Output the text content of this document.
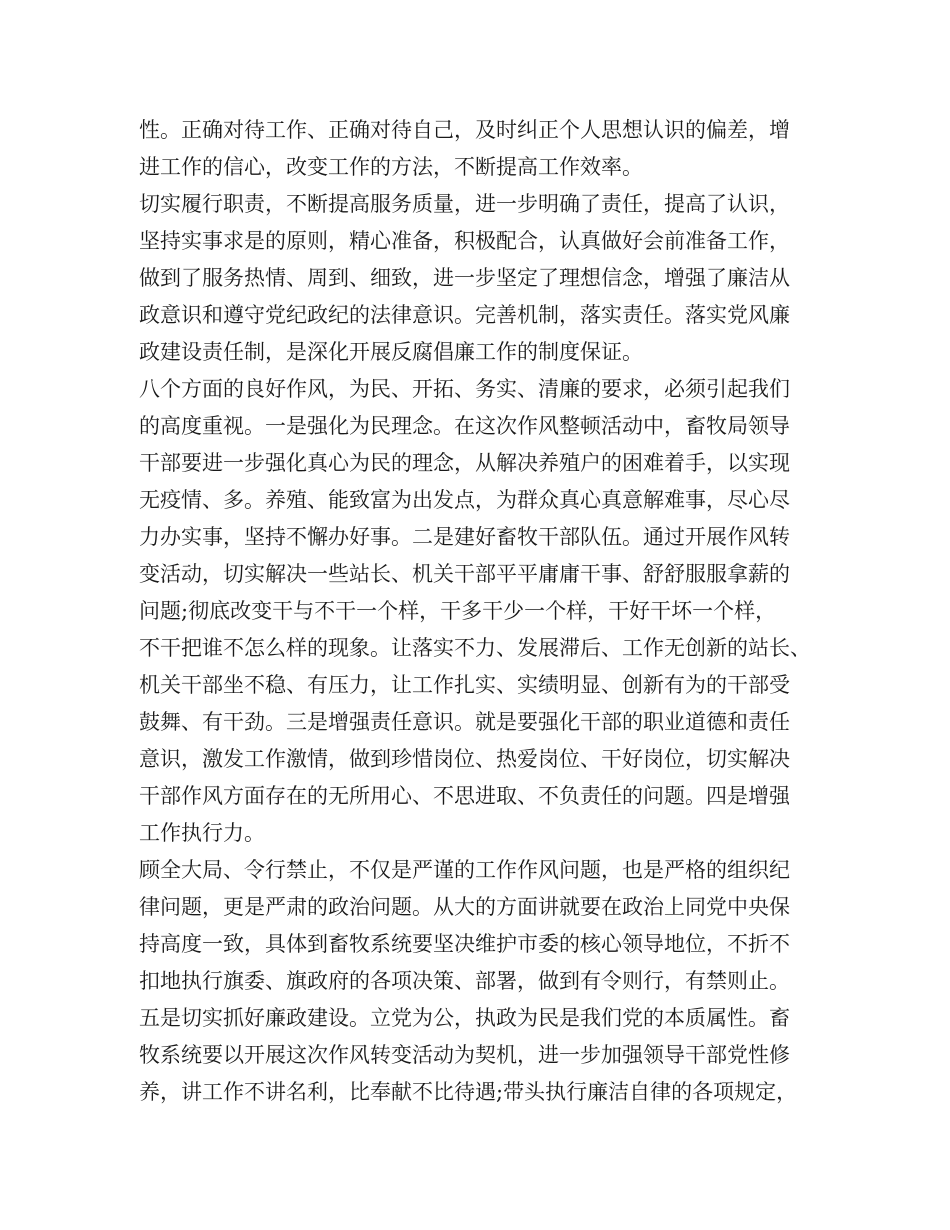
性。正确对待工作、正确对待自己，及时纠正个人思想认识的偏差，增
进工作的信心，改变工作的方法，不断提高工作效率。
切实履行职责，不断提高服务质量，进一步明确了责任，提高了认识，
坚持实事求是的原则，精心准备，积极配合，认真做好会前准备工作，
做到了服务热情、周到、细致，进一步坚定了理想信念，增强了廉洁从
政意识和遵守党纪政纪的法律意识。完善机制，落实责任。落实党风廉
政建设责任制，是深化开展反腐倡廉工作的制度保证。
八个方面的良好作风，为民、开拓、务实、清廉的要求，必须引起我们
的高度重视。一是强化为民理念。在这次作风整顿活动中，畜牧局领导
干部要进一步强化真心为民的理念，从解决养殖户的困难着手，以实现
无疫情、多。养殖、能致富为出发点，为群众真心真意解难事，尽心尽
力办实事，坚持不懈办好事。二是建好畜牧干部队伍。通过开展作风转
变活动，切实解决一些站长、机关干部平平庸庸干事、舒舒服服拿薪的
问题;彻底改变干与不干一个样，干多干少一个样，干好干坏一个样，
不干把谁不怎么样的现象。让落实不力、发展滞后、工作无创新的站长、
机关干部坐不稳、有压力，让工作扎实、实绩明显、创新有为的干部受
鼓舞、有干劲。三是增强责任意识。就是要强化干部的职业道德和责任
意识，激发工作激情，做到珍惜岗位、热爱岗位、干好岗位，切实解决
干部作风方面存在的无所用心、不思进取、不负责任的问题。四是增强
工作执行力。
顾全大局、令行禁止，不仅是严谨的工作作风问题，也是严格的组织纪
律问题，更是严肃的政治问题。从大的方面讲就要在政治上同党中央保
持高度一致，具体到畜牧系统要坚决维护市委的核心领导地位，不折不
扣地执行旗委、旗政府的各项决策、部署，做到有令则行，有禁则止。
五是切实抓好廉政建设。立党为公，执政为民是我们党的本质属性。畜
牧系统要以开展这次作风转变活动为契机，进一步加强领导干部党性修
养，讲工作不讲名利，比奉献不比待遇;带头执行廉洁自律的各项规定，
